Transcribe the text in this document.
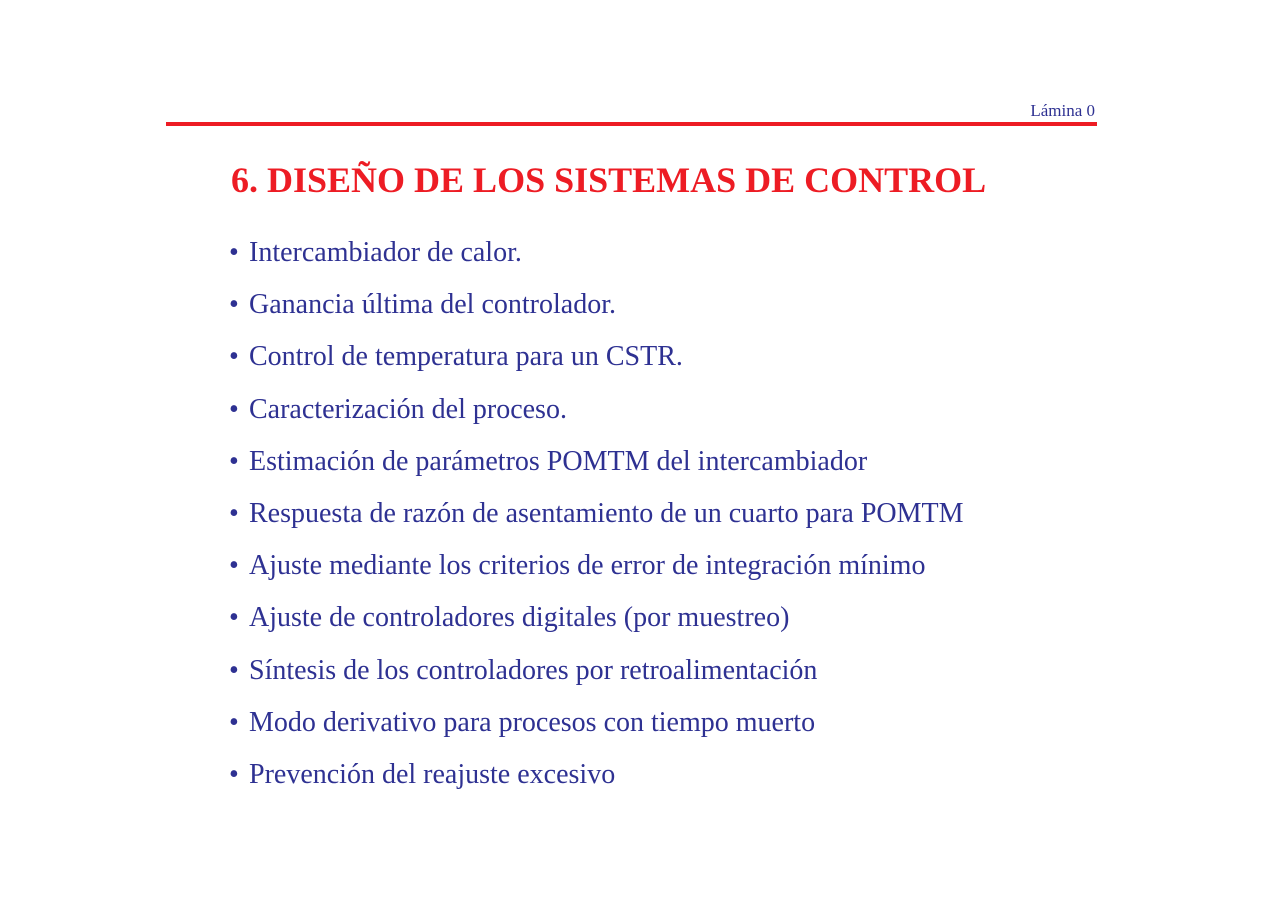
Lámina 0
6. DISEÑO DE LOS SISTEMAS DE CONTROL
• Intercambiador de calor.
• Ganancia última del controlador.
• Control de temperatura para un CSTR.
• Caracterización del proceso.
• Estimación de parámetros POMTM del intercambiador
• Respuesta de razón de asentamiento de un cuarto para POMTM
• Ajuste mediante los criterios de error de integración mínimo
• Ajuste de controladores digitales (por muestreo)
• Síntesis de los controladores por retroalimentación
• Modo derivativo para procesos con tiempo muerto
• Prevención del reajuste excesivo
